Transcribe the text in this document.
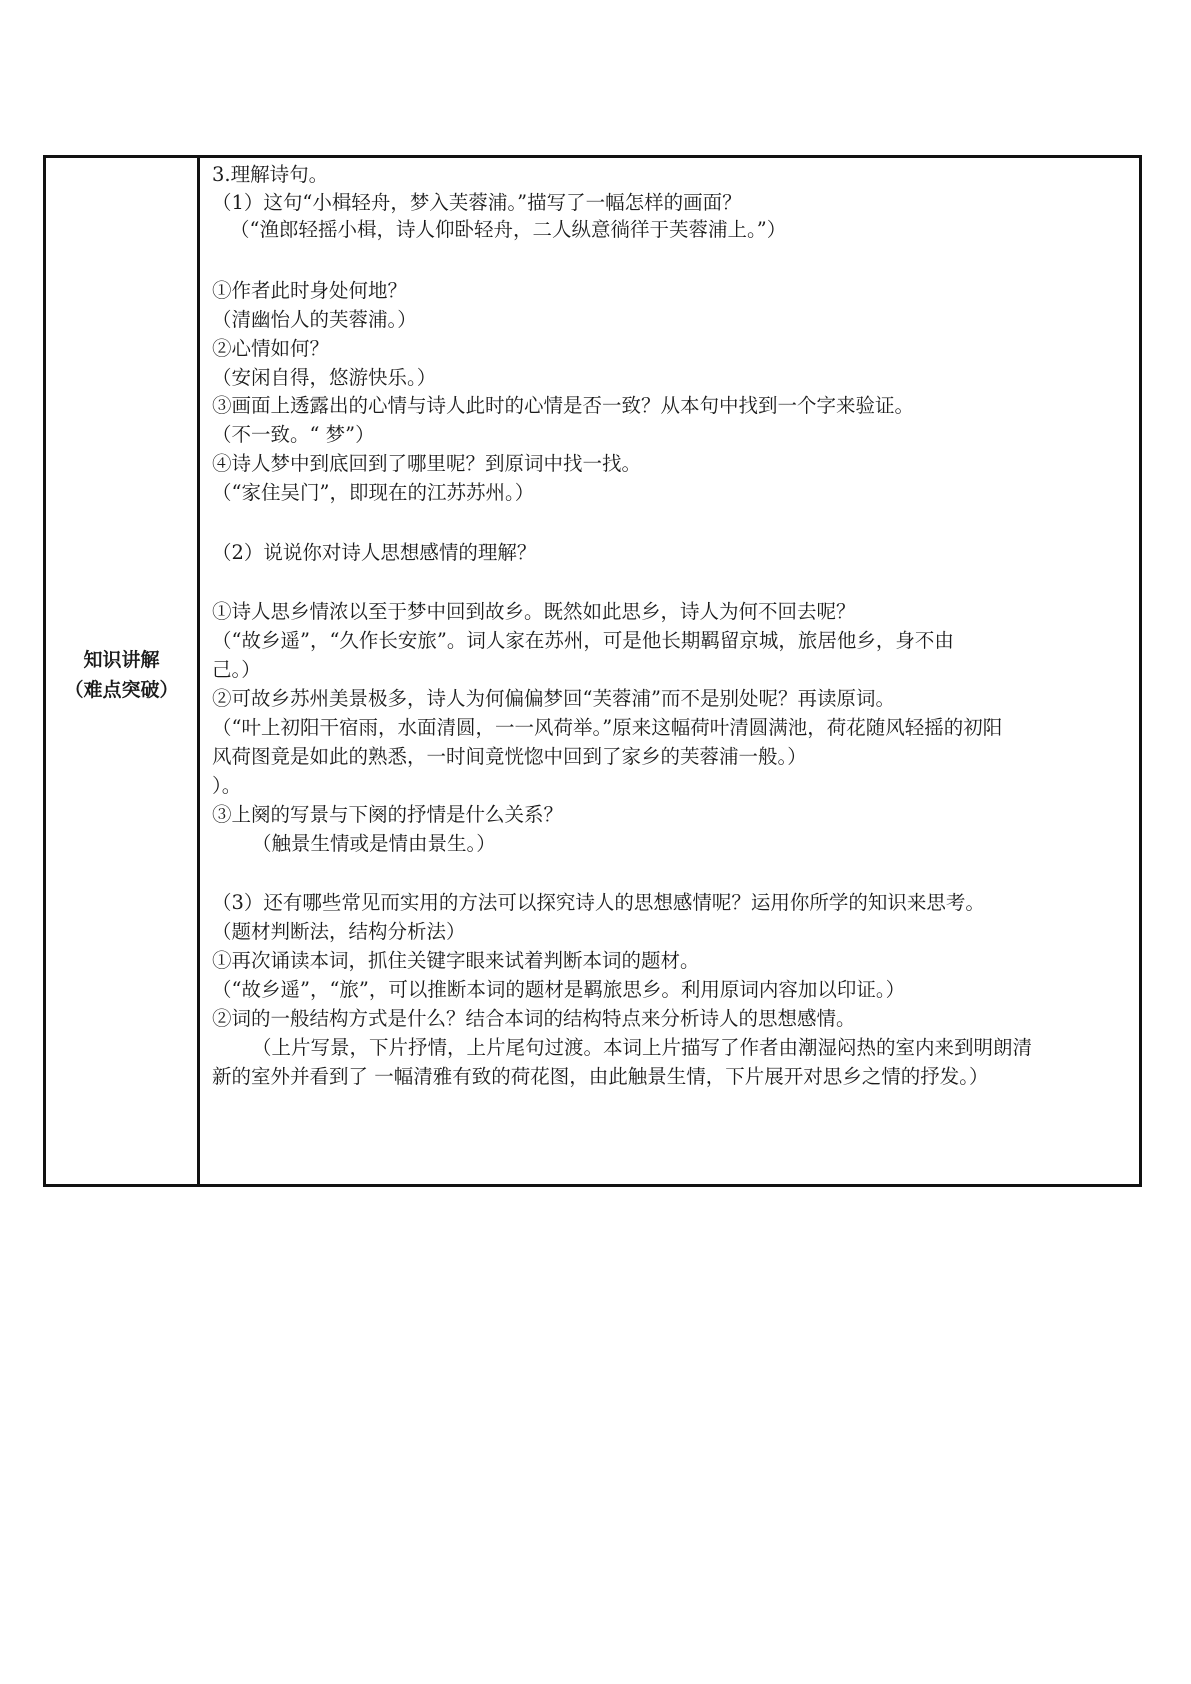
知识讲解
（难点突破）
3.理解诗句。
（1）这句“小楫轻舟，梦入芙蓉浦。”描写了一幅怎样的画面？
（“渔郎轻摇小楫，诗人仰卧轻舟，二人纵意徜徉于芙蓉浦上。”）
①作者此时身处何地？
（清幽怡人的芙蓉浦。）
②心情如何？
（安闲自得，悠游快乐。）
③画面上透露出的心情与诗人此时的心情是否一致？从本句中找到一个字来验证。
（不一致。“ 梦”）
④诗人梦中到底回到了哪里呢？到原词中找一找。
（“家住吴门”，即现在的江苏苏州。）
（2）说说你对诗人思想感情的理解？
①诗人思乡情浓以至于梦中回到故乡。既然如此思乡，诗人为何不回去呢？
（“故乡遥”，“久作长安旅”。词人家在苏州，可是他长期羁留京城，旅居他乡，身不由
己。）
②可故乡苏州美景极多，诗人为何偏偏梦回“芙蓉浦”而不是别处呢？再读原词。
（“叶上初阳干宿雨，水面清圆，一一风荷举。”原来这幅荷叶清圆满池，荷花随风轻摇的初阳
风荷图竟是如此的熟悉，一时间竟恍惚中回到了家乡的芙蓉浦一般。）
）。
③上阕的写景与下阕的抒情是什么关系？
（触景生情或是情由景生。）
（3）还有哪些常见而实用的方法可以探究诗人的思想感情呢？运用你所学的知识来思考。
（题材判断法，结构分析法）
①再次诵读本词，抓住关键字眼来试着判断本词的题材。
（“故乡遥”，“旅”，可以推断本词的题材是羁旅思乡。利用原词内容加以印证。）
②词的一般结构方式是什么？结合本词的结构特点来分析诗人的思想感情。
（上片写景，下片抒情，上片尾句过渡。本词上片描写了作者由潮湿闷热的室内来到明朗清
新的室外并看到了 一幅清雅有致的荷花图，由此触景生情，下片展开对思乡之情的抒发。）
